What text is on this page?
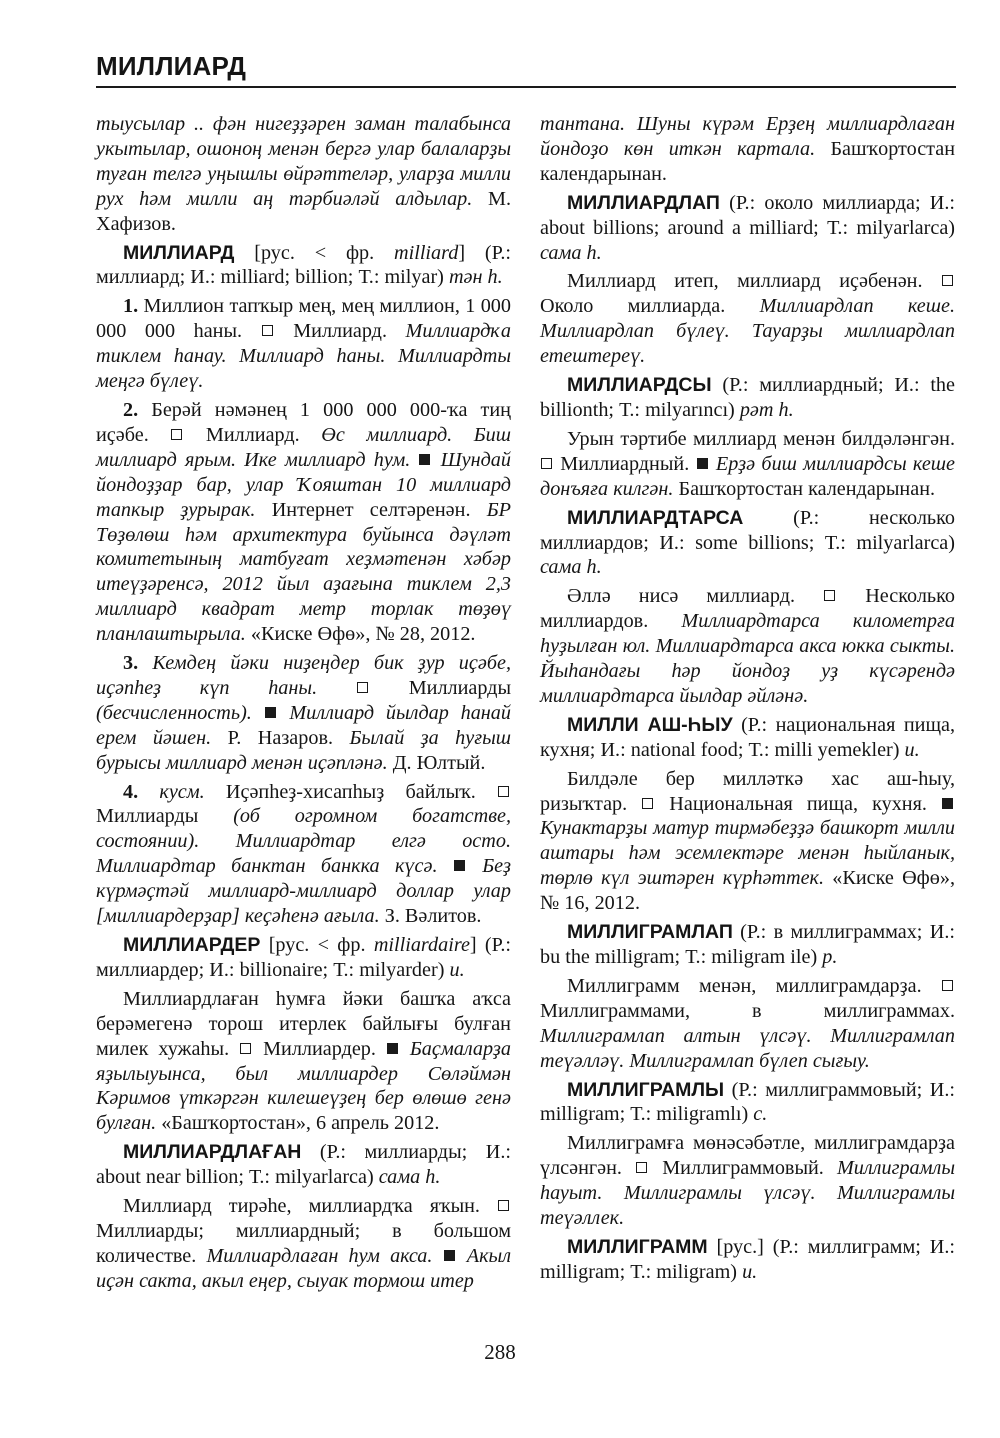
МИЛЛИАРД

тыусылар .. фән нигеҙҙәрен заман талабынса укытылар, ошоноң менән бергә улар балаларҙы туған телгә уңышлы өйрәттеләр, уларҙа милли рух һәм милли аң тәрбиәләй алдылар. М. Хафизов.

МИЛЛИАРД [рус. < фр. milliard] (Р.: миллиард; И.: milliard; billion; Т.: milyar) тән h.

1. Миллион тапҡыр мең, мең миллион, 1 000 000 000 һаны.  Миллиард. Миллиардҡа тиклем һанау. Миллиард һаны. Миллиардты меңгә бүлеү.

2. Берәй нәмәнең 1 000 000 000-ҡа тиң иҫәбе.  Миллиард. Өс миллиард. Биш миллиард ярым. Ике миллиард һум.  Шундай йондоҙҙар бар, улар Ҡояштан 10 миллиард тапкыр ҙурырак. Интернет селтәренән. БР Төҙөлөш һәм архитектура буйынса дәүләт комитетының матбуғат хеҙмәтенән хәбәр итеүҙәренсә, 2012 йыл аҙағына тиклем 2,3 миллиард квадрат метр торлак төҙөү планлаштырыла. «Киске Өфө», № 28, 2012.

3. Кемдең йәки ниҙеңдер бик ҙур иҫәбе, иҫәпһеҙ күп һаны.	Миллиарды (бесчисленность).  Миллиард йылдар һанай ерем йәшен. Р. Назаров. Былай ҙа һуғыш бурысы миллиард менән иҫәпләнә. Д. Юлтый.

4. кусм. Иҫәпһеҙ-хисапһыҙ байлыҡ.  Миллиарды (об огромном богатстве, состоянии). Миллиардтар елгә осто. Миллиардтар банктан банкка күсә.  Беҙ күрмәҫтәй миллиард-миллиард доллар улар [миллиардерҙар] кеҫәһенә ағыла. З. Вәлитов.

МИЛЛИАРДЕР [рус. < фр. milliardaire] (Р.: миллиардер; И.: billionaire; Т.: milyarder) и.

Миллиардлаған һумға йәки башҡа аҡса берәмегенә торош итерлек байлығы булған милек хужаһы.  Миллиардер.  Баҫмаларҙа яҙылыуынса, был миллиардер Сөләймән Кәримов үткәргән килешеүҙең бер өлөшө генә булған. «Башҡортостан», 6 апрель 2012.

МИЛЛИАРДЛАҒАН (Р.: миллиарды; И.: about near billion; Т.: milyarlarca) сама h.

Миллиард тирәһе, миллиардҡа яҡын.  Миллиарды; миллиардный; в большом количестве. Миллиардлаған һум акса.  Акыл иҫән сакта, акыл еңер, сыуак тормош итер

тантана. Шуны күрәм Ерҙең миллиардлаған йондоҙо көн иткән картала. Башҡортостан календарынан.

МИЛЛИАРДЛАП (Р.: около миллиарда; И.: about billions; around a milliard; Т.: milyarlarca) сама h.

Миллиард итеп, миллиард иҫәбенән.  Около миллиарда. Миллиардлап кеше. Миллиардлап бүлеү. Тауарҙы миллиардлап етештереү.

МИЛЛИАРДСЫ (Р.: миллиардный; И.: the billionth; Т.: milyarıncı) рәт h.

Урын тәртибе миллиард менән билдәләнгән.  Миллиардный.  Ерҙә биш миллиардсы кеше донъяға килгән. Башҡортостан календарынан.

МИЛЛИАРДТАРСА (Р.: несколько миллиардов; И.: some billions; Т.: milyarlarca) сама h.

Әллә нисә миллиард.  Несколько миллиардов. Миллиардтарса километрға һуҙылған юл. Миллиардтарса акса юкка сыкты. Йыһандағы һәр йондоҙ уҙ күсәрендә миллиардтарса йылдар әйләнә.

МИЛЛИ АШ-ҺЫУ (Р.: национальная пища, кухня; И.: national food; Т.: milli yemekler) и.

Билдәле бер милләткә хас аш-һыу, ризыҡтар.  Национальная пища, кухня.  Кунактарҙы матур тирмәбеҙҙә башкорт милли аштары һәм эсемлектәре менән һыйланык, төрлө күл эштәрен күрһәттек. «Киске Өфө», № 16, 2012.

МИЛЛИГРАМЛАП (Р.: в миллиграммах; И.: bu the milligram; Т.: miligram ile) р.

Миллиграмм менән, миллиграмдарҙа.  Миллиграммами, в миллиграммах. Миллиграмлап алтын үлсәү. Миллиграмлап теүәлләү. Миллиграмлап бүлеп сығыу.

МИЛЛИГРАМЛЫ (Р.: миллиграммовый; И.: milligram; Т.: miligramlı) с.

Миллиграмға мөнәсәбәтле, миллиграмдарҙа үлсәнгән.  Миллиграммовый. Миллиграмлы һауыт. Миллиграмлы үлсәү. Миллиграмлы теүәллек.

МИЛЛИГРАММ [рус.] (Р.: миллиграмм; И.: milligram; Т.: miligram) и.

288
